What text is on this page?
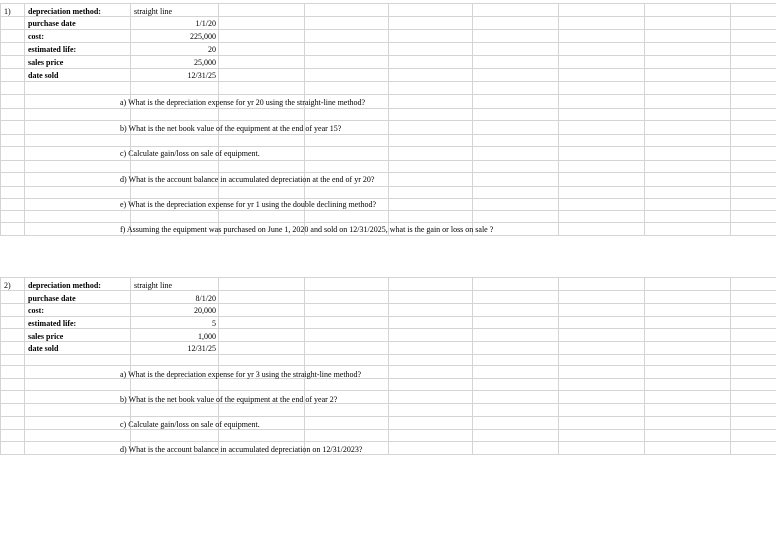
1) depreciation method:
purchase date
cost:
estimated life:
sales price
date sold
straight line
1/1/20
225,000
20
25,000
12/31/25
a) What is the depreciation expense for yr 20 using the straight-line method?
b) What is the net book value of the equipment at the end of year 15?
c) Calculate gain/loss on sale of equipment.
d) What is the account balance in accumulated depreciation at the end of yr 20?
e) What is the depreciation expense for yr 1 using the double declining method?
f) Assuming the equipment was purchased on June 1, 2020 and sold on 12/31/2025, what is the gain or loss on sale ?
2) depreciation method:
purchase date
cost:
estimated life:
sales price
date sold
straight line
8/1/20
20,000
5
1,000
12/31/25
a) What is the depreciation expense for yr 3 using the straight-line method?
b) What is the net book value of the equipment at the end of year 2?
c) Calculate gain/loss on sale of equipment.
d) What is the account balance in accumulated depreciation on 12/31/2023?
